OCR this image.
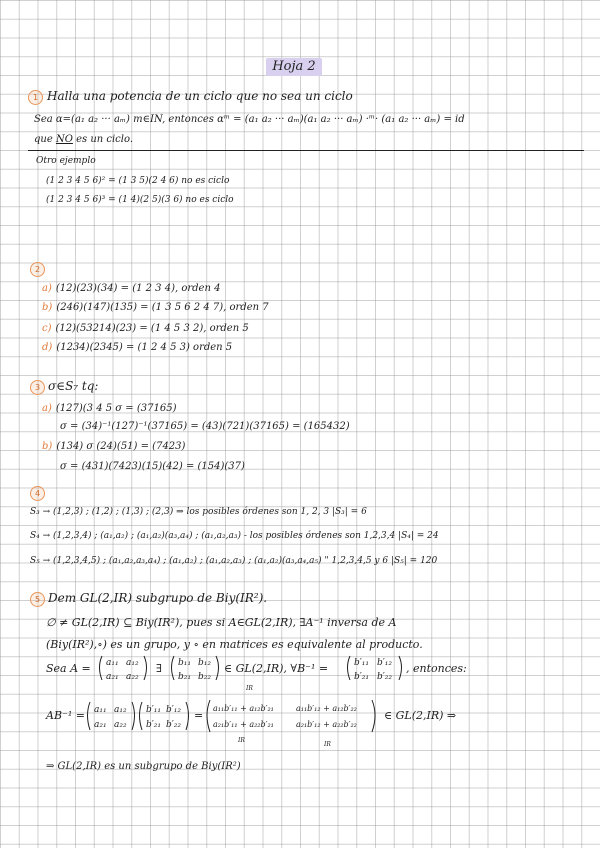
Hoja 2
1 Halla una potencia de un ciclo que no sea un ciclo
Sea α=(a₁ a₂ ··· aₘ) m∈IN, entonces αᵐ = (a₁ a₂ ··· aₘ)(a₁ a₂ ··· aₘ) ·ᵐ· (a₁ a₂ ··· aₘ) = id
que NO es un ciclo.
Otro ejemplo
(1 2 3 4 5 6)² = (1 3 5)(2 4 6) no es ciclo
(1 2 3 4 5 6)³ = (1 4)(2 5)(3 6) no es ciclo
2
a) (12)(23)(34) = (1 2 3 4), orden 4
b) (246)(147)(135) = (1 3 5 6 2 4 7), orden 7
c) (12)(53214)(23) = (1 4 5 3 2), orden 5
d) (1234)(2345) = (1 2 4 5 3) orden 5
3 σ∈S₇ tq:
a) (127)(3 4 5 σ = (37165)
σ = (34)⁻¹(127)⁻¹(37165) = (43)(721)(37165) = (165432)
b) (134) σ (24)(51) = (7423)
σ = (431)(7423)(15)(42) = (154)(37)
4
S₃ → (1,2,3) ; (1,2) ; (1,3) ; (2,3) ⇒ los posibles órdenes son 1, 2, 3 |S₃| = 6
S₄ → (1,2,3,4) ; (a₁,a₂) ; (a₁,a₂)(a₃,a₄) ; (a₁,a₂,a₃) - los posibles órdenes son 1,2,3,4 |S₄| = 24
S₅ → (1,2,3,4,5) ; (a₁,a₂,a₃,a₄) ; (a₁,a₂) ; (a₁,a₂,a₃) ; (a₁,a₂)(a₃,a₄,a₅) " 1,2,3,4,5 y 6 |S₅| = 120
5 Dem GL(2,IR) subgrupo de Biy(IR²).
∅ ≠ GL(2,IR) ⊆ Biy(IR²), pues si A∈GL(2,IR), ∃A⁻¹ inversa de A
(Biy(IR²),∘) es un grupo, y ∘ en matrices es equivalente al producto.
Sea A = a₁₁ a₁₂
a₂₁ a₂₂
∃ b₁₁ b₁₂
b₂₁ b₂₂
∈ GL(2,IR), ∀B⁻¹ =	b′₁₁ b′₁₂
b′₂₁ b′₂₂
, entonces:
AB⁻¹ = a₁₁ a₁₂
a₂₁ a₂₂
b′₁₁ b′₁₂
b′₂₁ b′₂₂
=
a₁₁b′₁₁ + a₁₂b′₂₁	a₁₁b′₁₂ + a₁₂b′₂₂
a₂₁b′₁₁ + a₂₂b′₂₁	a₂₁b′₁₂ + a₂₂b′₂₂
∈ GL(2,IR) ⇒
IR
IR
IR
⇒ GL(2,IR) es un subgrupo de Biy(IR²)
